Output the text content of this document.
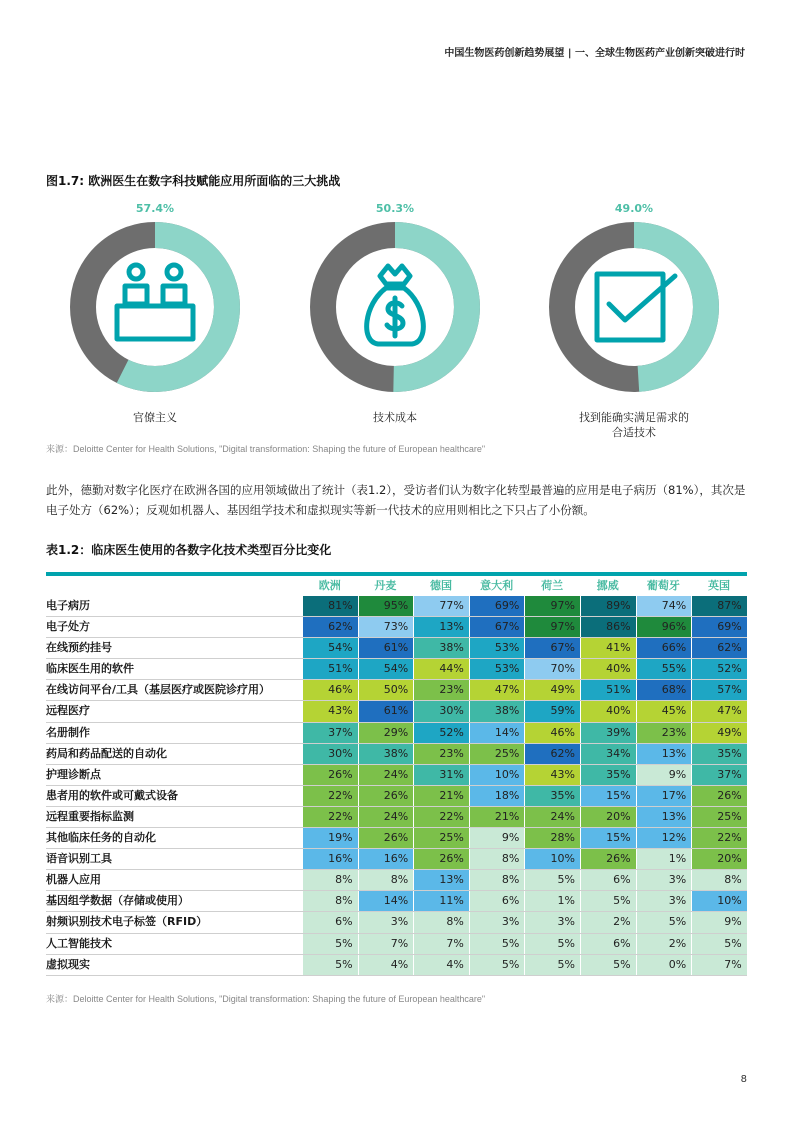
中国生物医药创新趋势展望 | 一、全球生物医药产业创新突破进行时
图1.7: 欧洲医生在数字科技赋能应用所面临的三大挑战
57.4%
官僚主义
50.3%
技术成本
49.0%
找到能确实满足需求的合适技术
来源：Deloitte Center for Health Solutions, "Digital transformation: Shaping the future of European healthcare"
此外，德勤对数字化医疗在欧洲各国的应用领域做出了统计（表1.2），受访者们认为数字化转型最普遍的应用是电子病历（81%），其次是电子处方（62%）；反观如机器人、基因组学技术和虚拟现实等新一代技术的应用则相比之下只占了小份额。
表1.2：临床医生使用的各数字化技术类型百分比变化
欧洲	丹麦	德国	意大利	荷兰	挪威	葡萄牙	英国
电子病历	81%	95%	77%	69%	97%	89%	74%	87%
电子处方	62%	73%	13%	67%	97%	86%	96%	69%
在线预约挂号	54%	61%	38%	53%	67%	41%	66%	62%
临床医生用的软件	51%	54%	44%	53%	70%	40%	55%	52%
在线访问平台/工具（基层医疗或医院诊疗用）	46%	50%	23%	47%	49%	51%	68%	57%
远程医疗	43%	61%	30%	38%	59%	40%	45%	47%
名册制作	37%	29%	52%	14%	46%	39%	23%	49%
药局和药品配送的自动化	30%	38%	23%	25%	62%	34%	13%	35%
护理诊断点	26%	24%	31%	10%	43%	35%	9%	37%
患者用的软件或可戴式设备	22%	26%	21%	18%	35%	15%	17%	26%
远程重要指标监测	22%	24%	22%	21%	24%	20%	13%	25%
其他临床任务的自动化	19%	26%	25%	9%	28%	15%	12%	22%
语音识别工具	16%	16%	26%	8%	10%	26%	1%	20%
机器人应用	8%	8%	13%	8%	5%	6%	3%	8%
基因组学数据（存储或使用）	8%	14%	11%	6%	1%	5%	3%	10%
射频识别技术电子标签（RFID）	6%	3%	8%	3%	3%	2%	5%	9%
人工智能技术	5%	7%	7%	5%	5%	6%	2%	5%
虚拟现实	5%	4%	4%	5%	5%	5%	0%	7%
来源：Deloitte Center for Health Solutions, "Digital transformation: Shaping the future of European healthcare"
8
